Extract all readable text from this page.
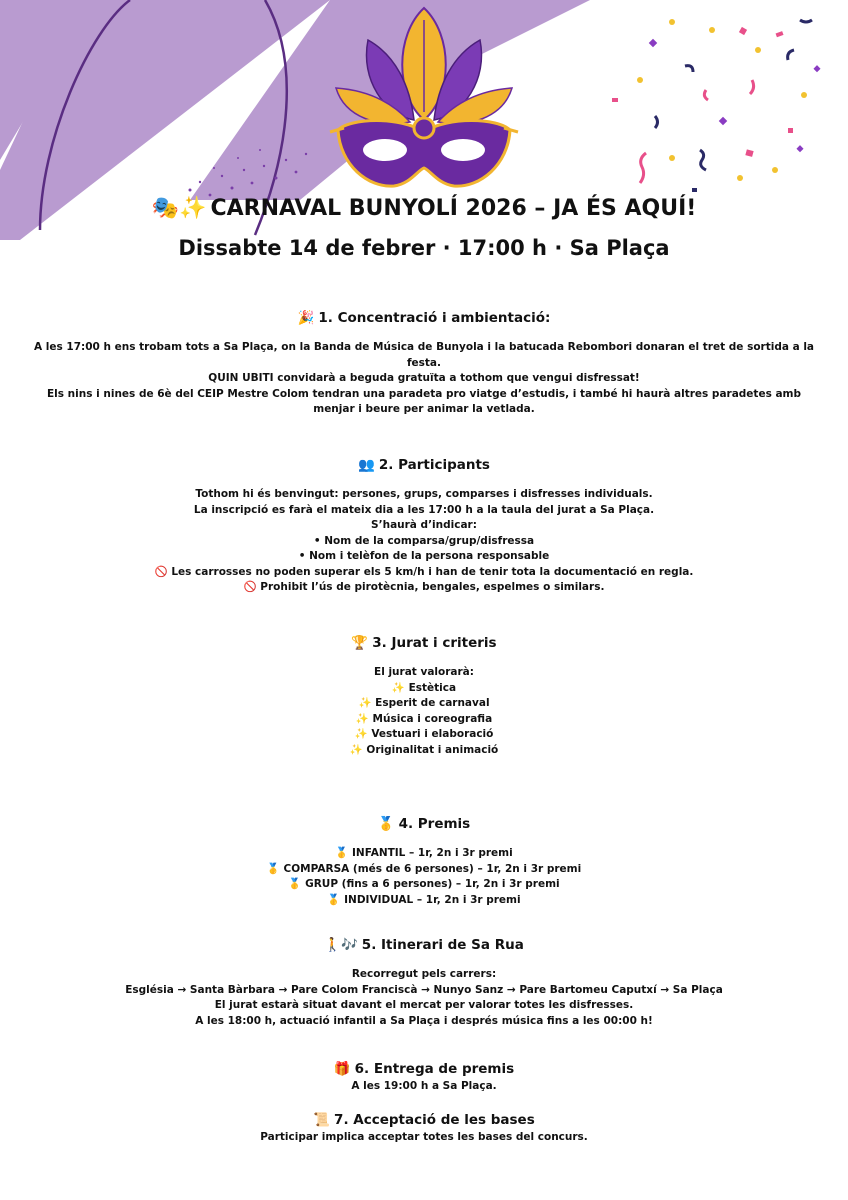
🎭✨ CARNAVAL BUNYOLÍ 2026 – JA ÉS AQUÍ!
Dissabte 14 de febrer · 17:00 h · Sa Plaça
🎉 1. Concentració i ambientació:
A les 17:00 h ens trobam tots a Sa Plaça, on la Banda de Música de Bunyola i la batucada Rebombori donaran el tret de sortida a la festa.
QUIN UBITI convidarà a beguda gratuïta a tothom que vengui disfressat!
Els nins i nines de 6è del CEIP Mestre Colom tendran una paradeta pro viatge d’estudis, i també hi haurà altres paradetes amb menjar i beure per animar la vetlada.
👥 2. Participants
Tothom hi és benvingut: persones, grups, comparses i disfresses individuals.
La inscripció es farà el mateix dia a les 17:00 h a la taula del jurat a Sa Plaça.
S’haurà d’indicar:
• Nom de la comparsa/grup/disfressa
• Nom i telèfon de la persona responsable
🚫 Les carrosses no poden superar els 5 km/h i han de tenir tota la documentació en regla.
🚫 Prohibit l’ús de pirotècnia, bengales, espelmes o similars.
🏆 3. Jurat i criteris
El jurat valorarà:
✨ Estètica
✨ Esperit de carnaval
✨ Música i coreografia
✨ Vestuari i elaboració
✨ Originalitat i animació
🥇 4. Premis
🥇 INFANTIL – 1r, 2n i 3r premi
🥇 COMPARSA (més de 6 persones) – 1r, 2n i 3r premi
🥇 GRUP (fins a 6 persones) – 1r, 2n i 3r premi
🥇 INDIVIDUAL – 1r, 2n i 3r premi
🚶🎶 5. Itinerari de Sa Rua
Recorregut pels carrers:
Església → Santa Bàrbara → Pare Colom Franciscà → Nunyo Sanz → Pare Bartomeu Caputxí → Sa Plaça
El jurat estarà situat davant el mercat per valorar totes les disfresses.
A les 18:00 h, actuació infantil a Sa Plaça i després música fins a les 00:00 h!
🎁 6. Entrega de premis
A les 19:00 h a Sa Plaça.
📜 7. Acceptació de les bases
Participar implica acceptar totes les bases del concurs.
